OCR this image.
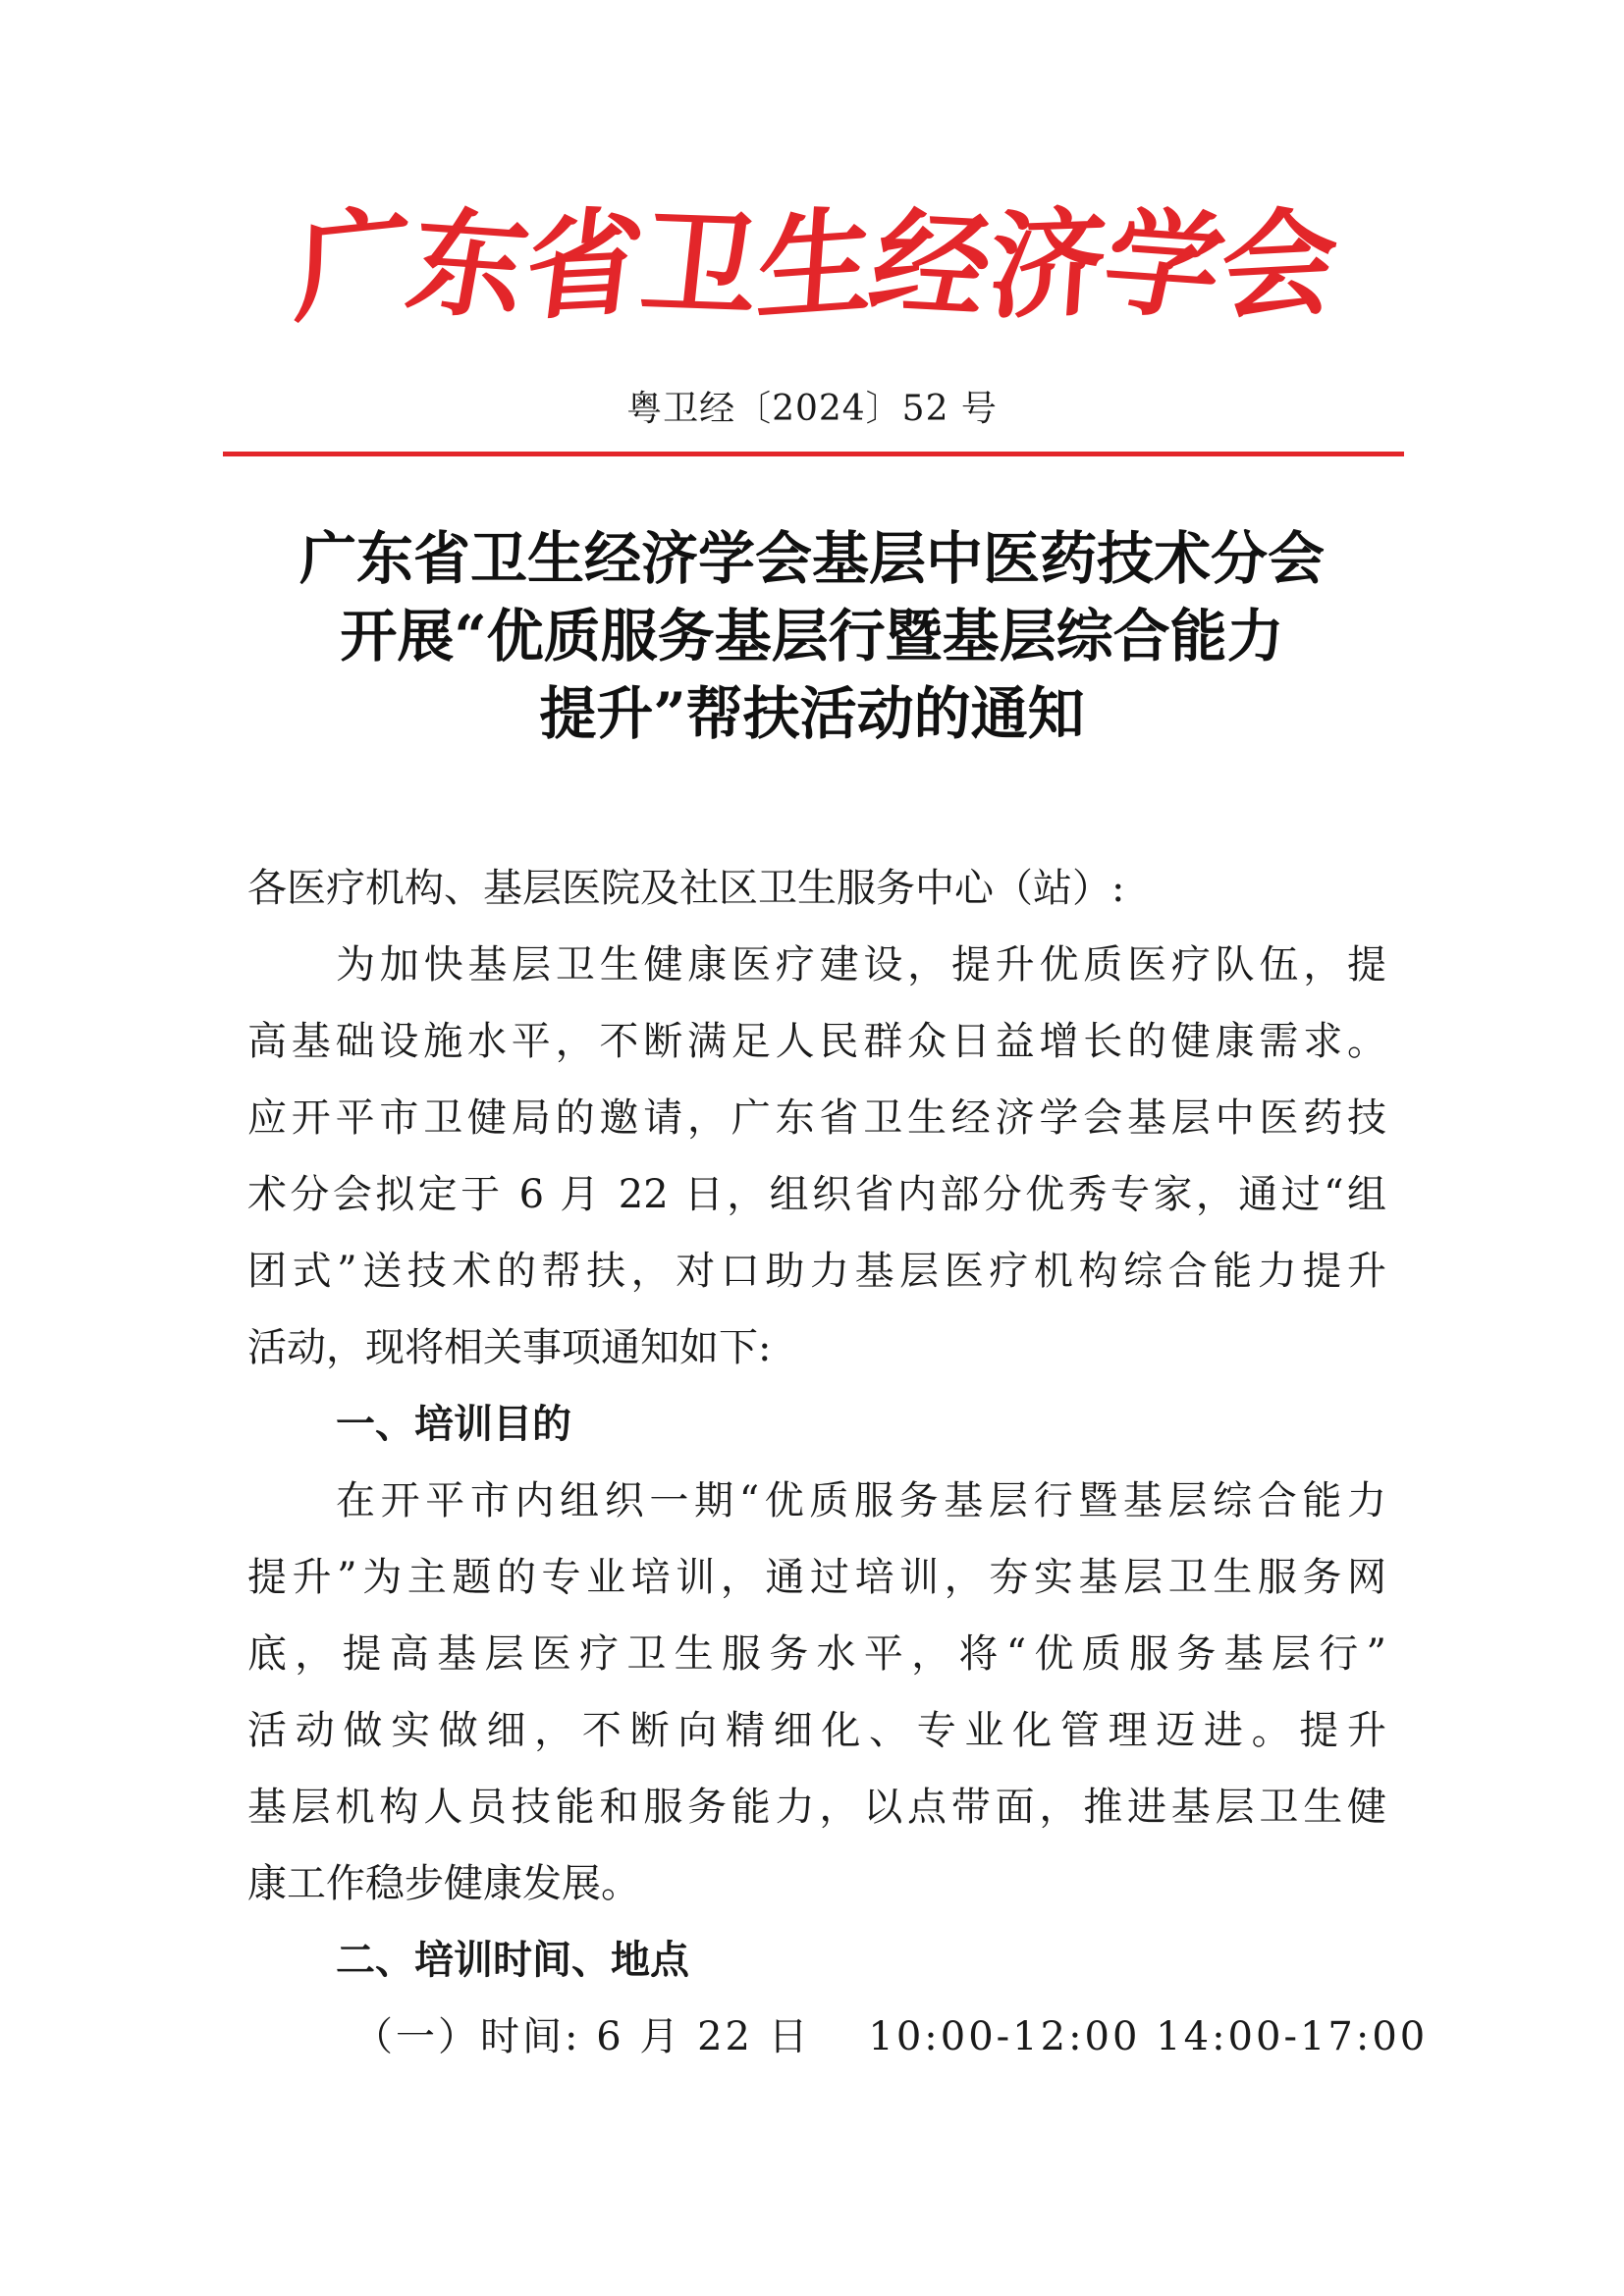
广
东
省
卫
生
经
济
学
会
粤卫经〔2024〕52 号
广东省卫生经济学会基层中医药技术分会
开展“优质服务基层行暨基层综合能力
提升”帮扶活动的通知
各医疗机构、基层医院及社区卫生服务中心（站）:
为加快基层卫生健康医疗建设，提升优质医疗队伍，提
高基础设施水平，不断满足人民群众日益增长的健康需求。
应开平市卫健局的邀请，广东省卫生经济学会基层中医药技
术分会拟定于 6 月 22 日，组织省内部分优秀专家，通过“组
团式”送技术的帮扶，对口助力基层医疗机构综合能力提升
活动，现将相关事项通知如下:
一、培训目的
在开平市内组织一期“优质服务基层行暨基层综合能力
提升”为主题的专业培训，通过培训，夯实基层卫生服务网
底，提高基层医疗卫生服务水平，将“优质服务基层行”
活动做实做细，不断向精细化、专业化管理迈进。提升
基层机构人员技能和服务能力，以点带面，推进基层卫生健
康工作稳步健康发展。
二、培训时间、地点
（一）时间: 6 月 22 日　 10:00-12:00 14:00-17:00
